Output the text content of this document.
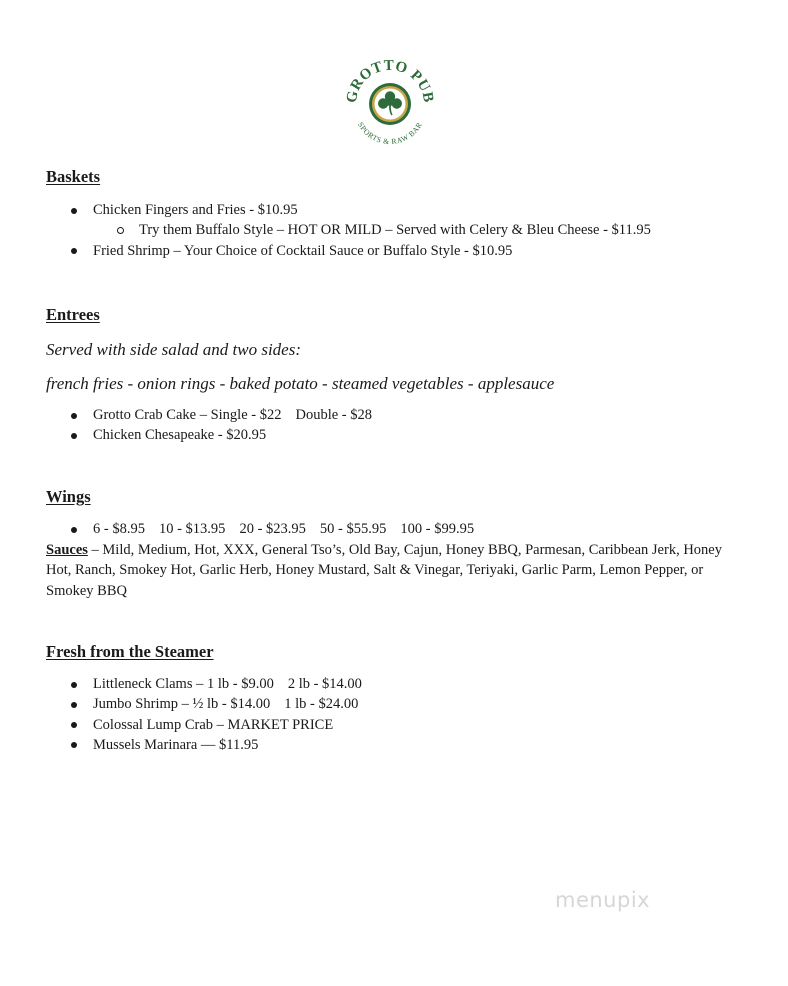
GROTTO PUB
SPORTS & RAW BAR
Baskets
Chicken Fingers and Fries - $10.95
Try them Buffalo Style – HOT OR MILD – Served with Celery & Bleu Cheese - $11.95
Fried Shrimp – Your Choice of Cocktail Sauce or Buffalo Style - $10.95
Entrees

Served with side salad and two sides:

french fries - onion rings - baked potato - steamed vegetables - applesauce

Grotto Crab Cake – Single - $22 Double - $28
Chicken Chesapeake - $20.95
Wings
6 - $8.95 10 - $13.95 20 - $23.95 50 - $55.95 100 - $99.95

Sauces – Mild, Medium, Hot, XXX, General Tso’s, Old Bay, Cajun, Honey BBQ, Parmesan, Caribbean Jerk, Honey Hot, Ranch, Smokey Hot, Garlic Herb, Honey Mustard, Salt & Vinegar, Teriyaki, Garlic Parm, Lemon Pepper, or Smokey BBQ

Fresh from the Steamer
Littleneck Clams – 1 lb - $9.00 2 lb - $14.00
Jumbo Shrimp – ½ lb - $14.00 1 lb - $24.00
Colossal Lump Crab – MARKET PRICE
Mussels Marinara — $11.95

menupix
